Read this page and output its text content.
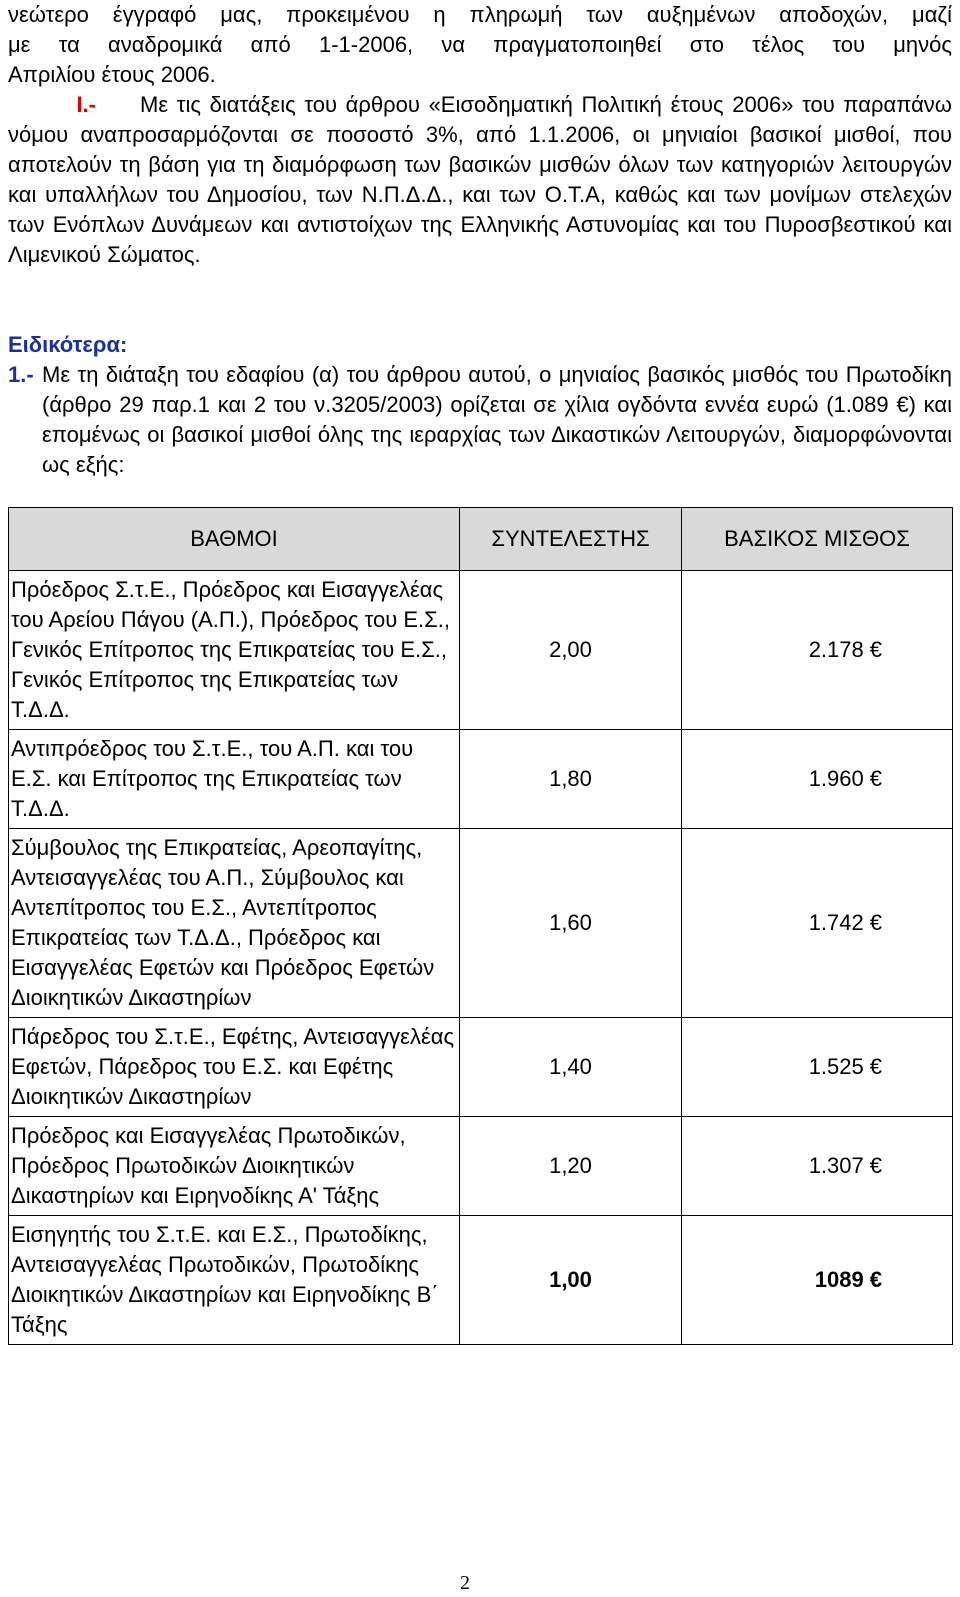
νεώτερο έγγραφό μας, προκειμένου η πληρωμή των αυξημένων αποδοχών, μαζί
με τα αναδρομικά από 1-1-2006, να πραγματοποιηθεί στο τέλος του μηνός

Απριλίου έτους 2006.

Ι.- Με τις διατάξεις του άρθρου «Εισοδηματική Πολιτική έτους 2006» του παραπάνω νόμου αναπροσαρμόζονται σε ποσοστό 3%, από 1.1.2006, οι μηνιαίοι βασικοί μισθοί, που αποτελούν τη βάση για τη διαμόρφωση των βασικών μισθών όλων των κατηγοριών λειτουργών και υπαλλήλων του Δημοσίου, των Ν.Π.Δ.Δ., και των Ο.Τ.Α, καθώς και των μονίμων στελεχών των Ενόπλων Δυνάμεων και αντιστοίχων της Ελληνικής Αστυνομίας και του Πυροσβεστικού και Λιμενικού Σώματος.

Ειδικότερα:

1.- Με τη διάταξη του εδαφίου (α) του άρθρου αυτού, ο μηνιαίος βασικός μισθός του Πρωτοδίκη (άρθρο 29 παρ.1 και 2 του ν.3205/2003) ορίζεται σε χίλια ογδόντα εννέα ευρώ (1.089 €) και επομένως οι βασικοί μισθοί όλης της ιεραρχίας των Δικαστικών Λειτουργών, διαμορφώνονται ως εξής:

ΒΑΘΜΟΙ	ΣΥΝΤΕΛΕΣΤΗΣ	ΒΑΣΙΚΟΣ ΜΙΣΘΟΣ
Πρόεδρος Σ.τ.Ε., Πρόεδρος και Εισαγγελέας του Αρείου Πάγου (Α.Π.), Πρόεδρος του Ε.Σ., Γενικός Επίτροπος της Επικρατείας του Ε.Σ., Γενικός Επίτροπος της Επικρατείας των Τ.Δ.Δ.	2,00	2.178 €
Αντιπρόεδρος του Σ.τ.Ε., του Α.Π. και του Ε.Σ. και Επίτροπος της Επικρατείας των Τ.Δ.Δ.	1,80	1.960 €
Σύμβουλος της Επικρατείας, Αρεοπαγίτης, Αντεισαγγελέας του Α.Π., Σύμβουλος και Αντεπίτροπος του Ε.Σ., Αντεπίτροπος Επικρατείας των Τ.Δ.Δ., Πρόεδρος και Εισαγγελέας Εφετών και Πρόεδρος Εφετών Διοικητικών Δικαστηρίων	1,60	1.742 €
Πάρεδρος του Σ.τ.Ε., Εφέτης, Αντεισαγγελέας Εφετών, Πάρεδρος του Ε.Σ. και Εφέτης Διοικητικών Δικαστηρίων	1,40	1.525 €
Πρόεδρος και Εισαγγελέας Πρωτοδικών, Πρόεδρος Πρωτοδικών Διοικητικών Δικαστηρίων και Ειρηνοδίκης Α' Τάξης	1,20	1.307 €
Εισηγητής του Σ.τ.Ε. και Ε.Σ., Πρωτοδίκης, Αντεισαγγελέας Πρωτοδικών, Πρωτοδίκης Διοικητικών Δικαστηρίων και Ειρηνοδίκης Β΄ Τάξης	1,00	1089 €
2
